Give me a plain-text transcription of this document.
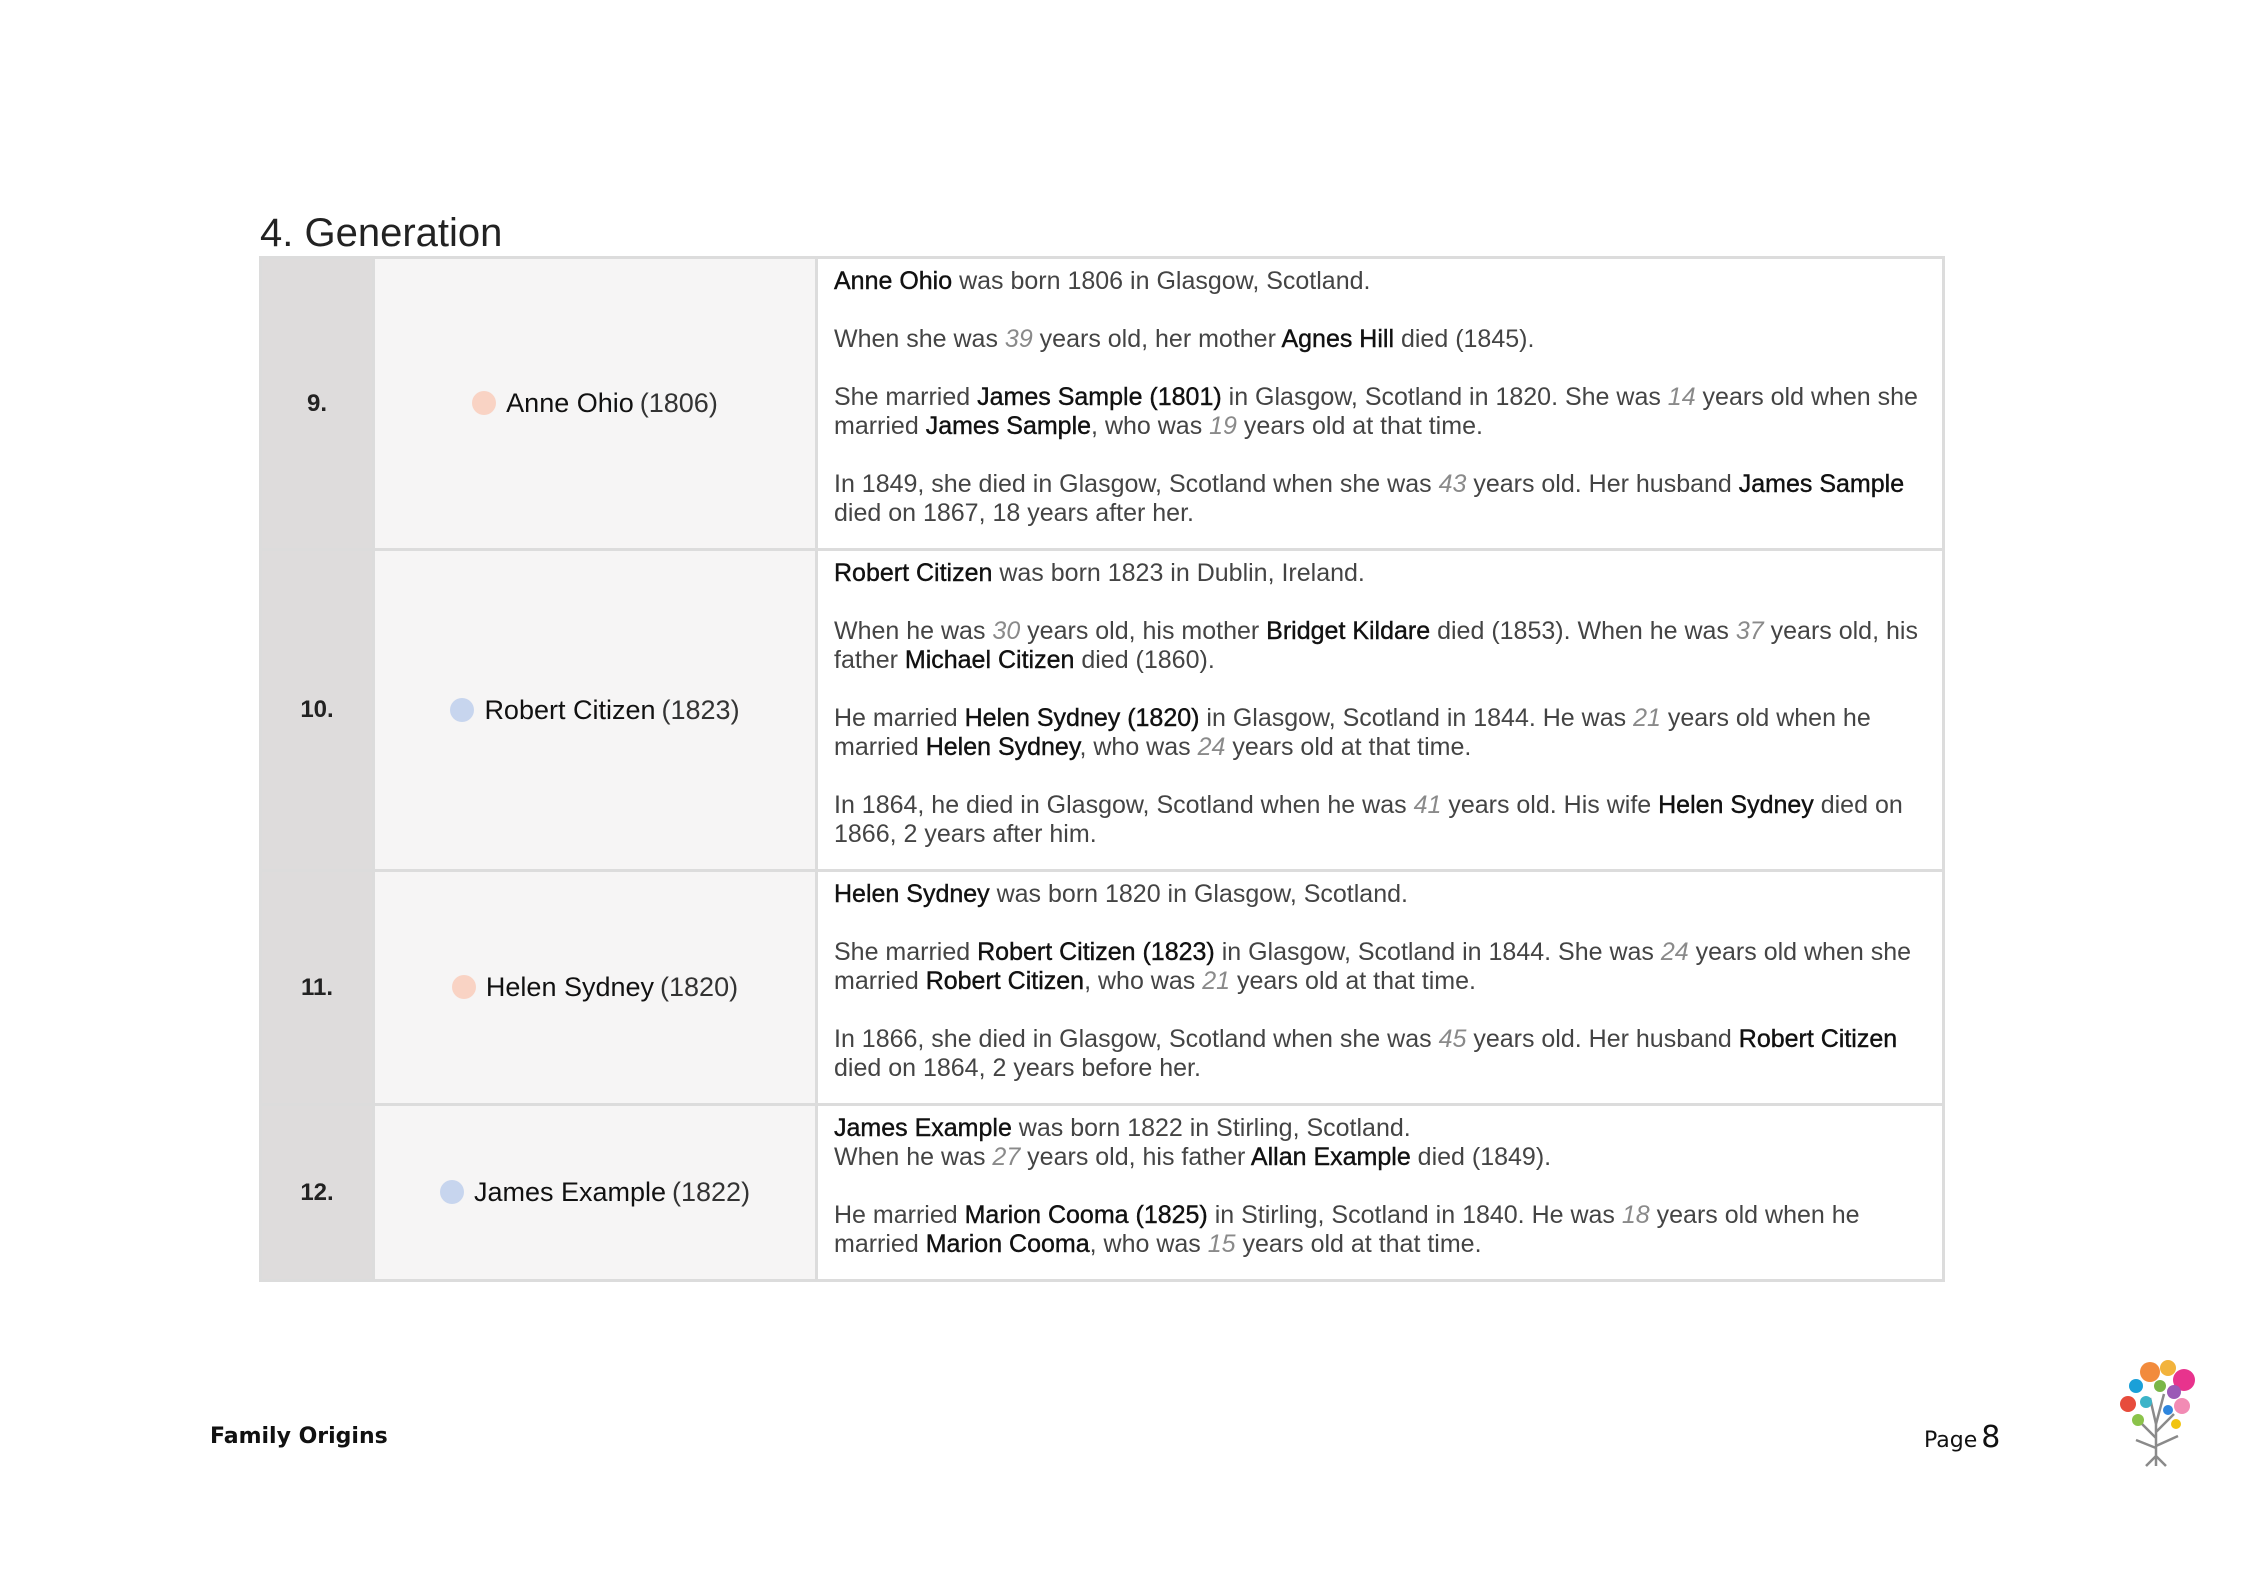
4. Generation
9.	Anne Ohio (1806)	Anne Ohio was born 1806 in Glasgow, Scotland.

When she was 39 years old, her mother Agnes Hill died (1845).

She married James Sample (1801) in Glasgow, Scotland in 1820. She was 14 years old when she married James Sample, who was 19 years old at that time.

In 1849, she died in Glasgow, Scotland when she was 43 years old. Her husband James Sample died on 1867, 18 years after her.

10.	Robert Citizen (1823)	Robert Citizen was born 1823 in Dublin, Ireland.

When he was 30 years old, his mother Bridget Kildare died (1853). When he was 37 years old, his father Michael Citizen died (1860).

He married Helen Sydney (1820) in Glasgow, Scotland in 1844. He was 21 years old when he married Helen Sydney, who was 24 years old at that time.

In 1864, he died in Glasgow, Scotland when he was 41 years old. His wife Helen Sydney died on 1866, 2 years after him.

11.	Helen Sydney (1820)	Helen Sydney was born 1820 in Glasgow, Scotland.

She married Robert Citizen (1823) in Glasgow, Scotland in 1844. She was 24 years old when she married Robert Citizen, who was 21 years old at that time.

In 1866, she died in Glasgow, Scotland when she was 45 years old. Her husband Robert Citizen died on 1864, 2 years before her.

12.	James Example (1822)	James Example was born 1822 in Stirling, Scotland.

When he was 27 years old, his father Allan Example died (1849).

He married Marion Cooma (1825) in Stirling, Scotland in 1840. He was 18 years old when he married Marion Cooma, who was 15 years old at that time.

Family Origins	Page 8
